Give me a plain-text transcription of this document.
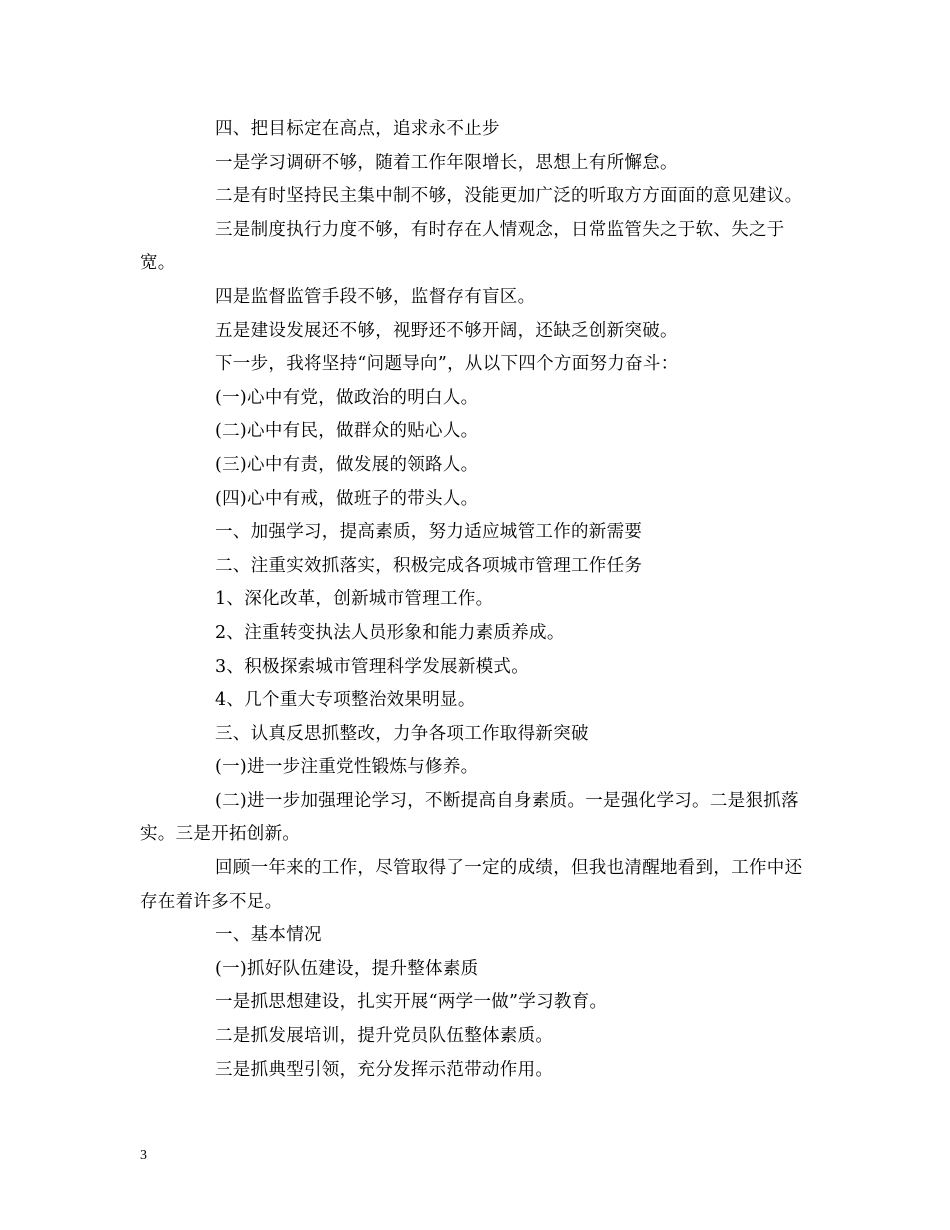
四、把目标定在高点，追求永不止步

一是学习调研不够，随着工作年限增长，思想上有所懈怠。

二是有时坚持民主集中制不够，没能更加广泛的听取方方面面的意见建议。

三是制度执行力度不够，有时存在人情观念，日常监管失之于软、失之于宽。

四是监督监管手段不够，监督存有盲区。

五是建设发展还不够，视野还不够开阔，还缺乏创新突破。

下一步，我将坚持“问题导向”，从以下四个方面努力奋斗：

(一)心中有党，做政治的明白人。

(二)心中有民，做群众的贴心人。

(三)心中有责，做发展的领路人。

(四)心中有戒，做班子的带头人。

一、加强学习，提高素质，努力适应城管工作的新需要

二、注重实效抓落实，积极完成各项城市管理工作任务

1、深化改革，创新城市管理工作。

2、注重转变执法人员形象和能力素质养成。

3、积极探索城市管理科学发展新模式。

4、几个重大专项整治效果明显。

三、认真反思抓整改，力争各项工作取得新突破

(一)进一步注重党性锻炼与修养。

(二)进一步加强理论学习，不断提高自身素质。一是强化学习。二是狠抓落实。三是开拓创新。

回顾一年来的工作，尽管取得了一定的成绩，但我也清醒地看到，工作中还存在着许多不足。

一、基本情况

(一)抓好队伍建设，提升整体素质

一是抓思想建设，扎实开展“两学一做”学习教育。

二是抓发展培训，提升党员队伍整体素质。

三是抓典型引领，充分发挥示范带动作用。

3
